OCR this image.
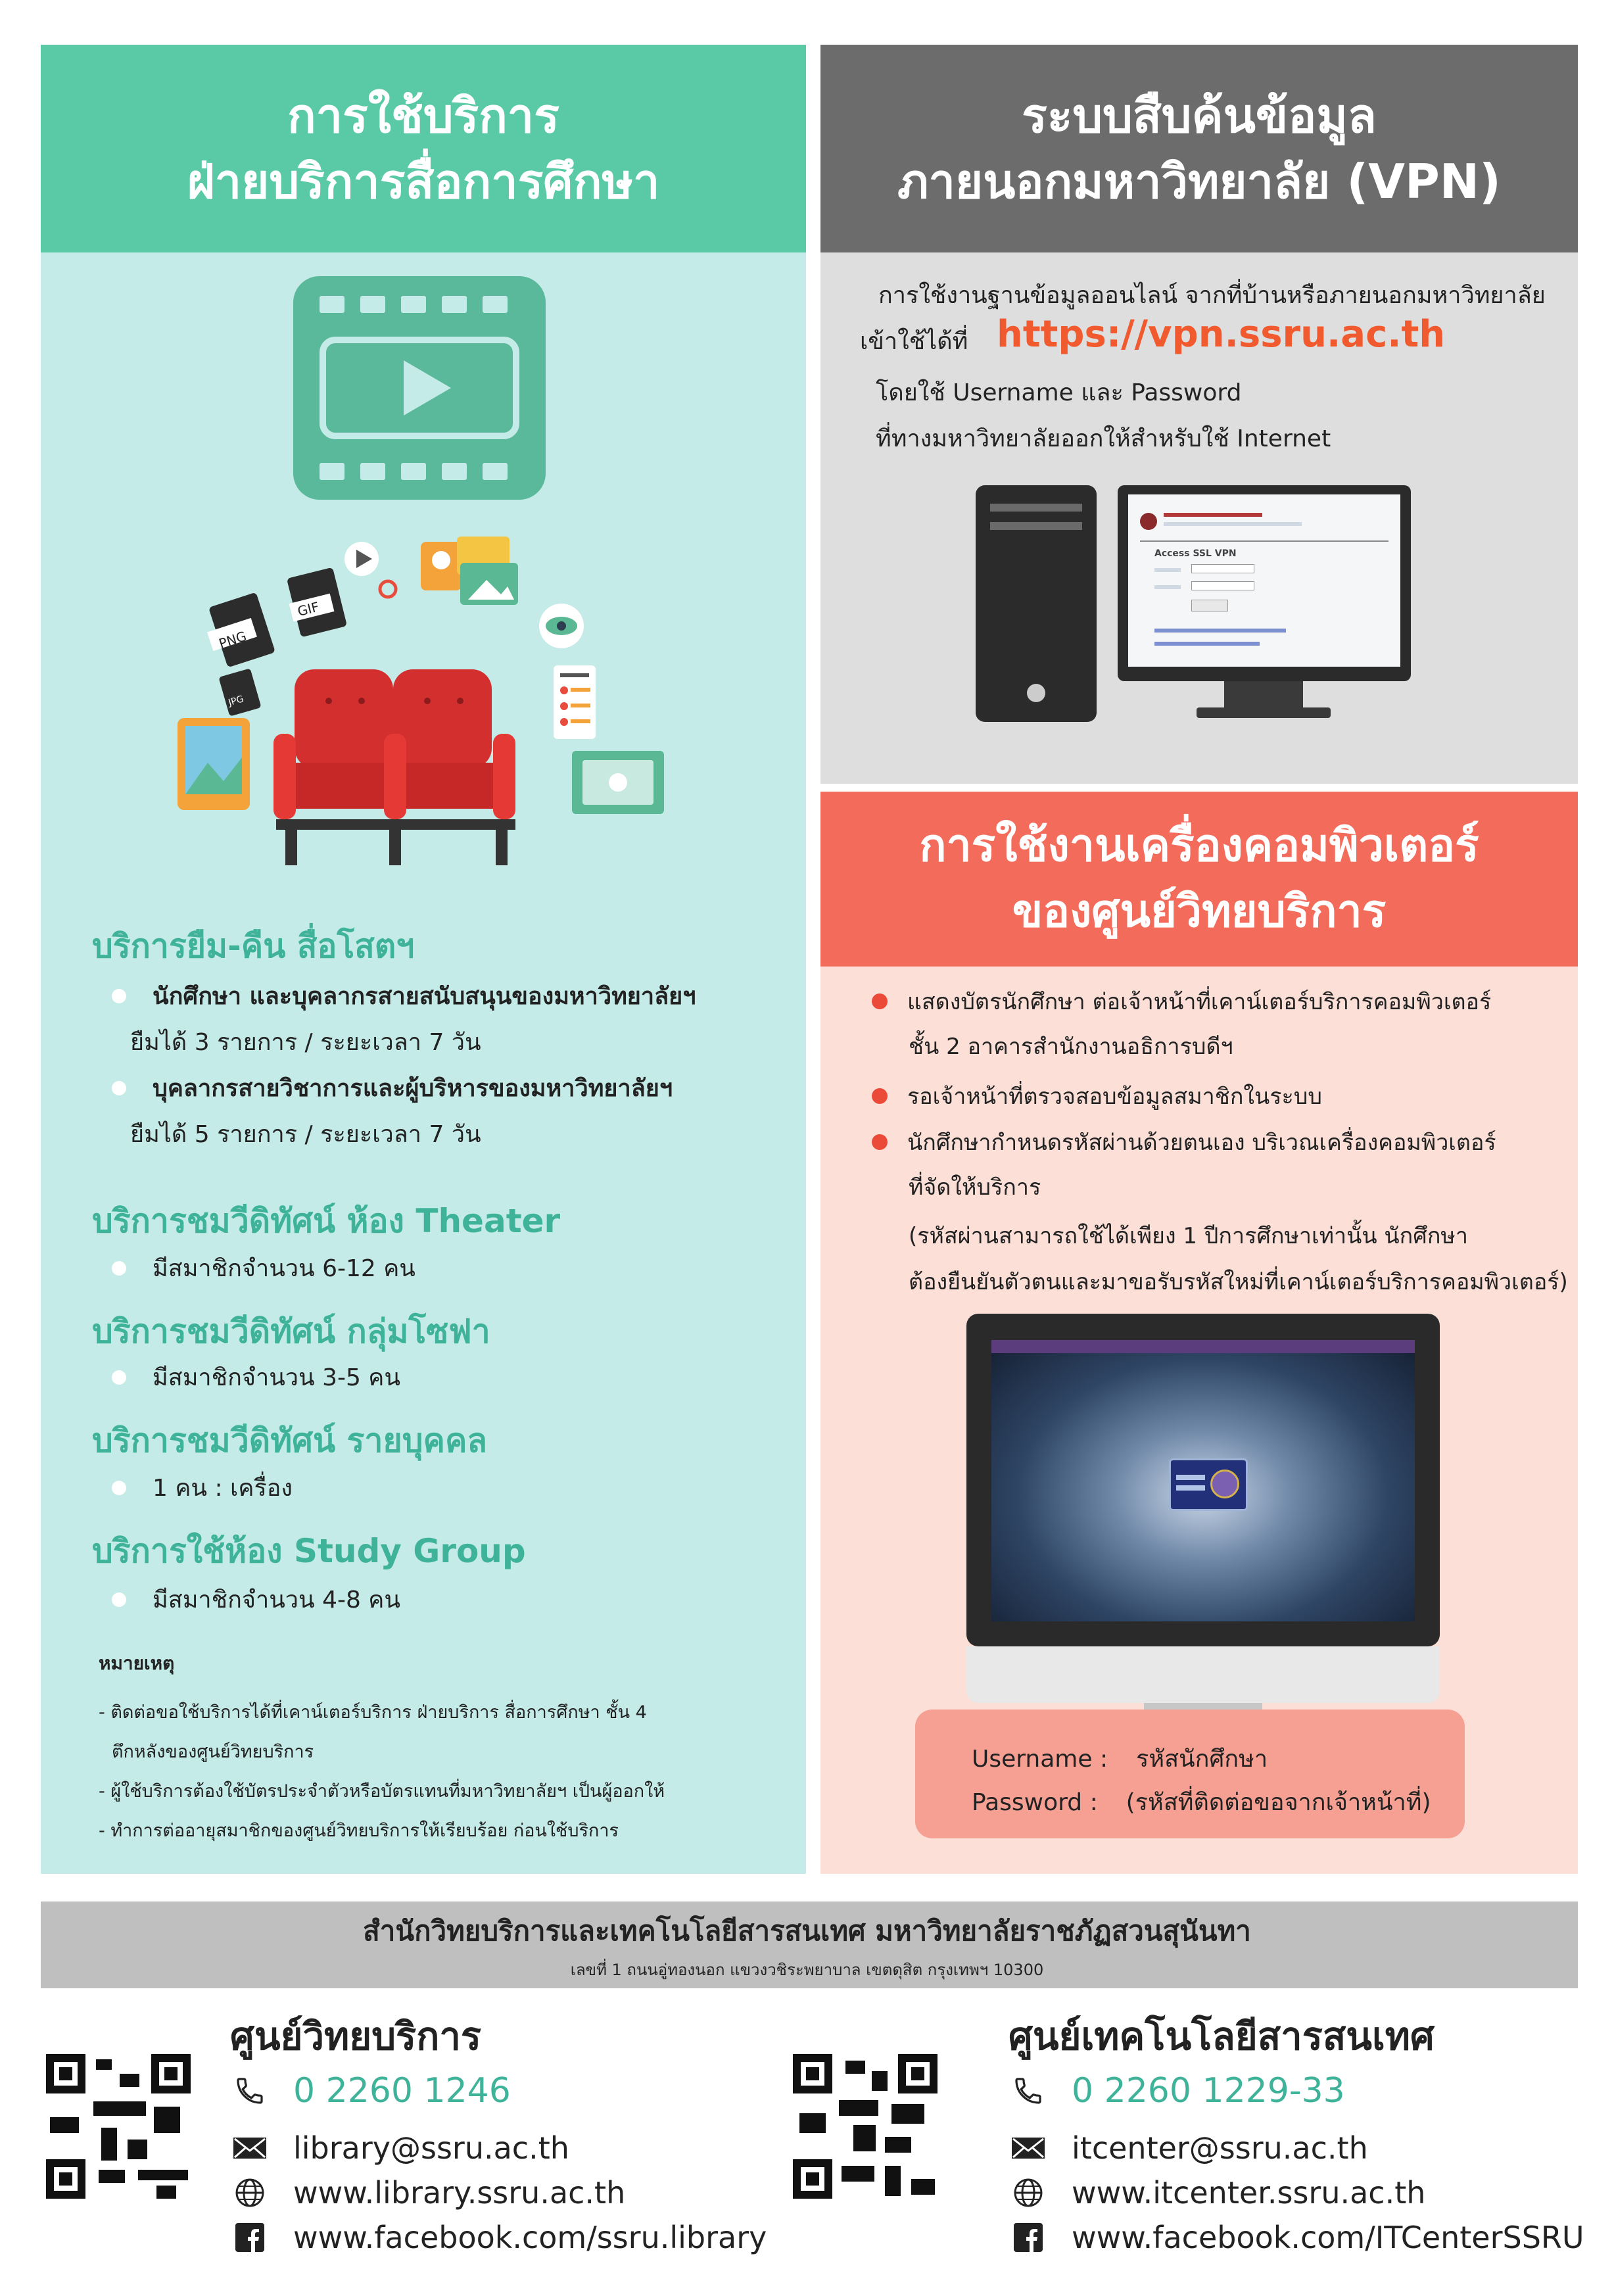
การใช้บริการ
ฝ่ายบริการสื่อการศึกษา
PNG
GIF
JPG
บริการยืม-คืน สื่อโสตฯ
นักศึกษา และบุคลากรสายสนับสนุนของมหาวิทยาลัยฯ
ยืมได้ 3 รายการ / ระยะเวลา 7 วัน
บุคลากรสายวิชาการและผู้บริหารของมหาวิทยาลัยฯ
ยืมได้ 5 รายการ / ระยะเวลา 7 วัน
บริการชมวีดิทัศน์ ห้อง Theater
มีสมาชิกจำนวน 6-12 คน
บริการชมวีดิทัศน์ กลุ่มโซฟา
มีสมาชิกจำนวน 3-5 คน
บริการชมวีดิทัศน์ รายบุคคล
1 คน : เครื่อง
บริการใช้ห้อง Study Group
มีสมาชิกจำนวน 4-8 คน
หมายเหตุ
- ติดต่อขอใช้บริการได้ที่เคาน์เตอร์บริการ ฝ่ายบริการ สื่อการศึกษา ชั้น 4
ตึกหลังของศูนย์วิทยบริการ
- ผู้ใช้บริการต้องใช้บัตรประจำตัวหรือบัตรแทนที่มหาวิทยาลัยฯ เป็นผู้ออกให้
- ทำการต่ออายุสมาชิกของศูนย์วิทยบริการให้เรียบร้อย ก่อนใช้บริการ
ระบบสืบค้นข้อมูล
ภายนอกมหาวิทยาลัย (VPN)
การใช้งานฐานข้อมูลออนไลน์ จากที่บ้านหรือภายนอกมหาวิทยาลัย
เข้าใช้ได้ที่ https://vpn.ssru.ac.th
โดยใช้ Username และ Password
ที่ทางมหาวิทยาลัยออกให้สำหรับใช้ Internet
Access SSL VPN
การใช้งานเครื่องคอมพิวเตอร์
ของศูนย์วิทยบริการ
แสดงบัตรนักศึกษา ต่อเจ้าหน้าที่เคาน์เตอร์บริการคอมพิวเตอร์
ชั้น 2 อาคารสำนักงานอธิการบดีฯ
รอเจ้าหน้าที่ตรวจสอบข้อมูลสมาชิกในระบบ
นักศึกษากำหนดรหัสผ่านด้วยตนเอง บริเวณเครื่องคอมพิวเตอร์
ที่จัดให้บริการ
(รหัสผ่านสามารถใช้ได้เพียง 1 ปีการศึกษาเท่านั้น นักศึกษา
ต้องยืนยันตัวตนและมาขอรับรหัสใหม่ที่เคาน์เตอร์บริการคอมพิวเตอร์)
Username : รหัสนักศึกษา
Password : (รหัสที่ติดต่อขอจากเจ้าหน้าที่)
สำนักวิทยบริการและเทคโนโลยีสารสนเทศ มหาวิทยาลัยราชภัฏสวนสุนันทา
เลขที่ 1 ถนนอู่ทองนอก แขวงวชิระพยาบาล เขตดุสิต กรุงเทพฯ 10300
ศูนย์วิทยบริการ
0 2260 1246
library@ssru.ac.th
www.library.ssru.ac.th
www.facebook.com/ssru.library
ศูนย์เทคโนโลยีสารสนเทศ
0 2260 1229-33
itcenter@ssru.ac.th
www.itcenter.ssru.ac.th
www.facebook.com/ITCenterSSRU
